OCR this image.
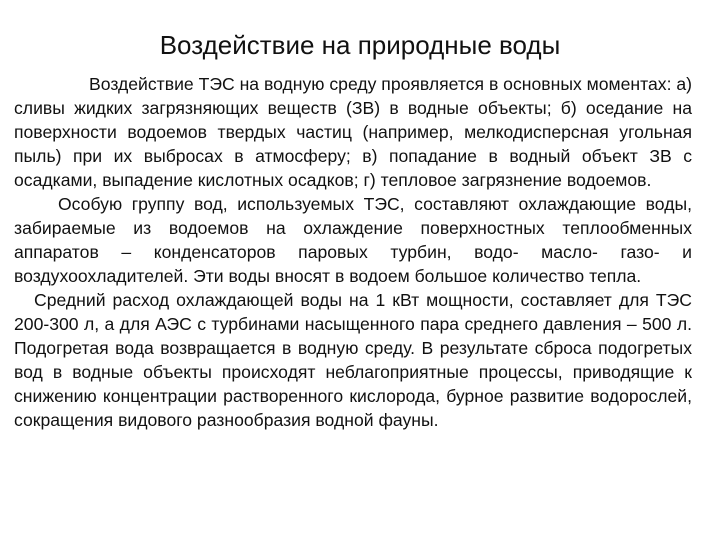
Воздействие на природные воды

Воздействие ТЭС на водную среду проявляется в основных моментах: а) сливы жидких загрязняющих веществ (ЗВ) в водные объекты; б) оседание на поверхности водоемов твердых частиц (например, мелкодисперсная угольная пыль) при их выбросах в атмосферу; в) попадание в водный объект ЗВ с осадками, выпадение кислотных осадков; г) тепловое загрязнение водоемов.

Особую группу вод, используемых ТЭС, составляют охлаждающие воды, забираемые из водоемов на охлаждение поверхностных теплообменных аппаратов – конденсаторов паровых турбин, водо- масло- газо- и воздухоохладителей. Эти воды вносят в водоем большое количество тепла.

Средний расход охлаждающей воды на 1 кВт мощности, составляет для ТЭС 200-300 л, а для АЭС с турбинами насыщенного пара среднего давления – 500 л. Подогретая вода возвращается в водную среду. В результате сброса подогретых вод в водные объекты происходят неблагоприятные процессы, приводящие к снижению концентрации растворенного кислорода, бурное развитие водорослей, сокращения видового разнообразия водной фауны.
